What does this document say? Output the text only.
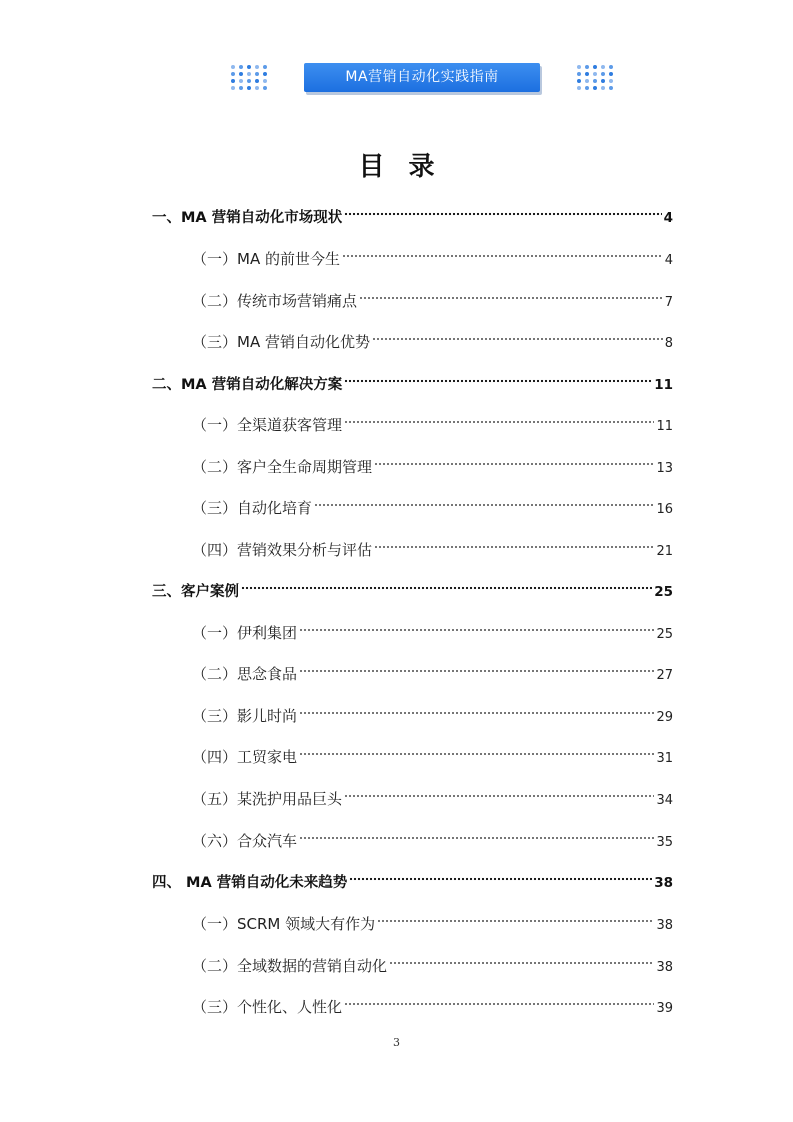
MA营销自动化实践指南
目录
一、MA 营销自动化市场现状	4
（一）MA 的前世今生	4
（二）传统市场营销痛点	7
（三）MA 营销自动化优势	8
二、MA 营销自动化解决方案	11
（一）全渠道获客管理	11
（二）客户全生命周期管理	13
（三）自动化培育	16
（四）营销效果分析与评估	21
三、客户案例	25
（一）伊利集团	25
（二）思念食品	27
（三）影儿时尚	29
（四）工贸家电	31
（五）某洗护用品巨头	34
（六）合众汽车	35
四、 MA 营销自动化未来趋势	38
（一）SCRM 领域大有作为	38
（二）全域数据的营销自动化	38
（三）个性化、人性化	39
3
